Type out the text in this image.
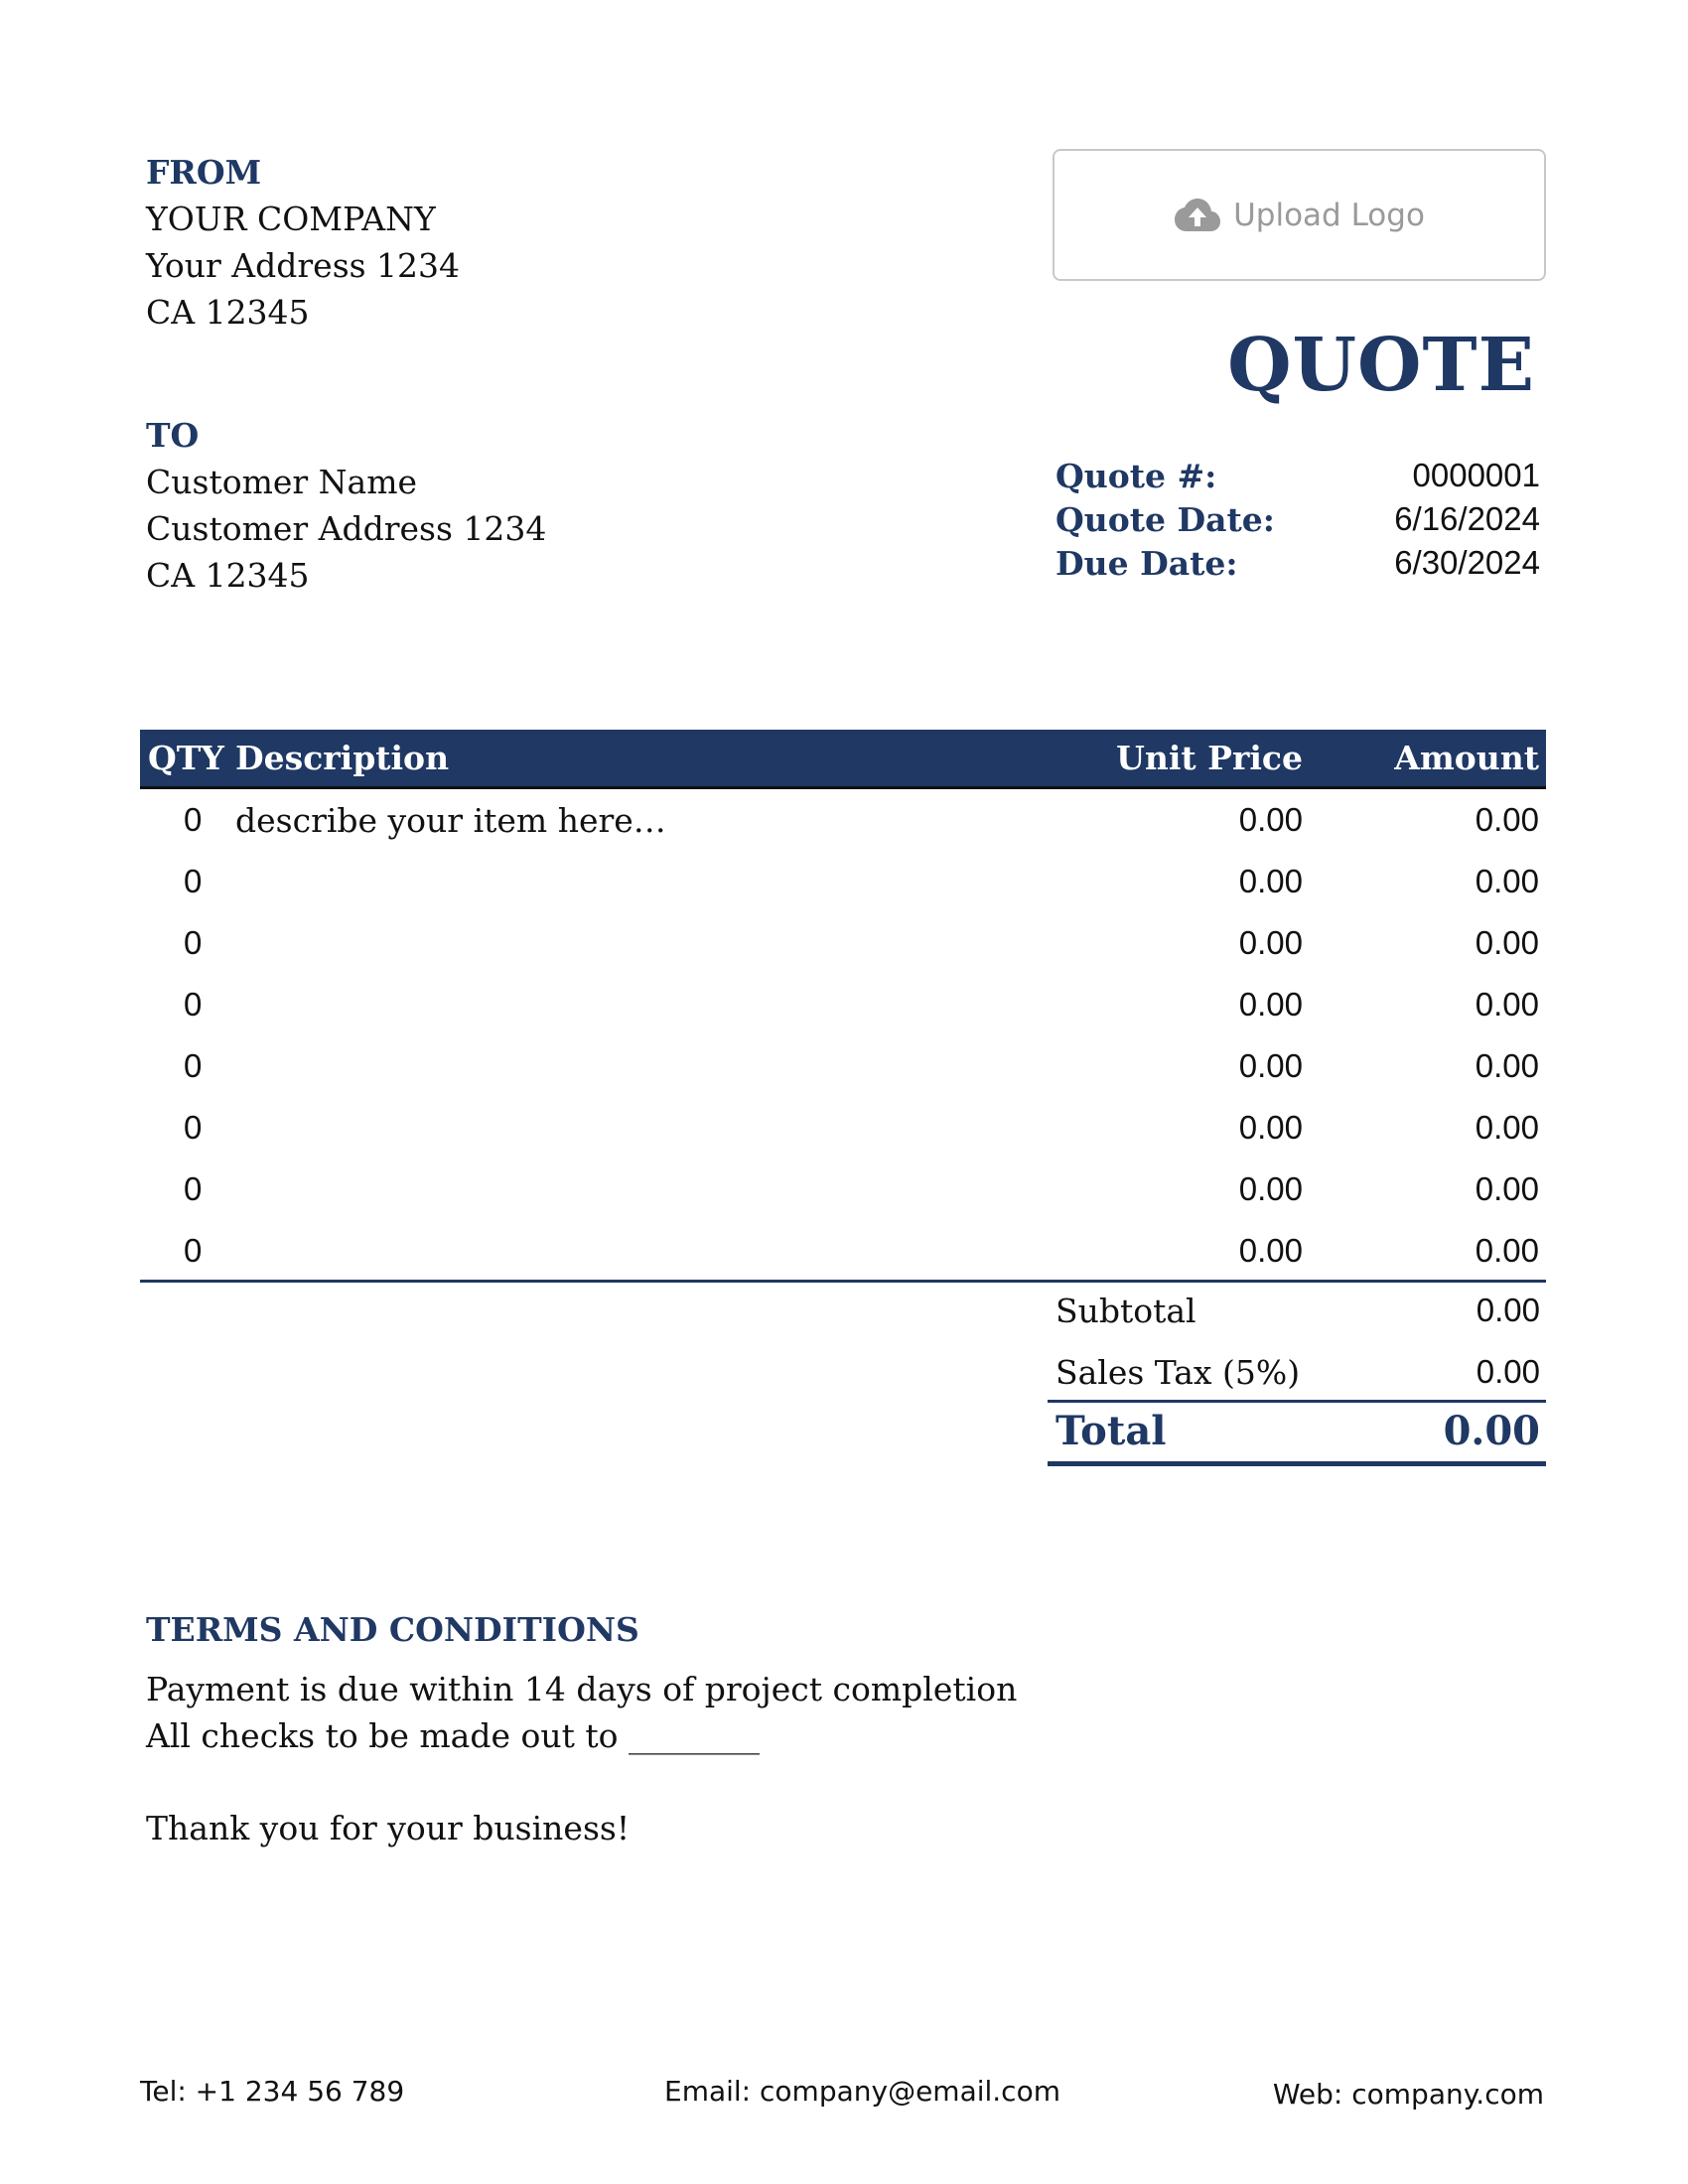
FROM
YOUR COMPANY
Your Address 1234
CA 12345
TO
Customer Name
Customer Address 1234
CA 12345
Upload Logo
QUOTE
Quote #:	0000001
Quote Date:	6/16/2024
Due Date:	6/30/2024
QTY Description	Unit Price	Amount
0 describe your item here…	0.00	0.00
0	0.00	0.00
0	0.00	0.00
0	0.00	0.00
0	0.00	0.00
0	0.00	0.00
0	0.00	0.00
0	0.00	0.00
Subtotal	0.00
Sales Tax (5%)	0.00
Total	0.00
TERMS AND CONDITIONS
Payment is due within 14 days of project completion
All checks to be made out to ________
Thank you for your business!
Tel: +1 234 56 789	Email: company@email.com	Web: company.com
